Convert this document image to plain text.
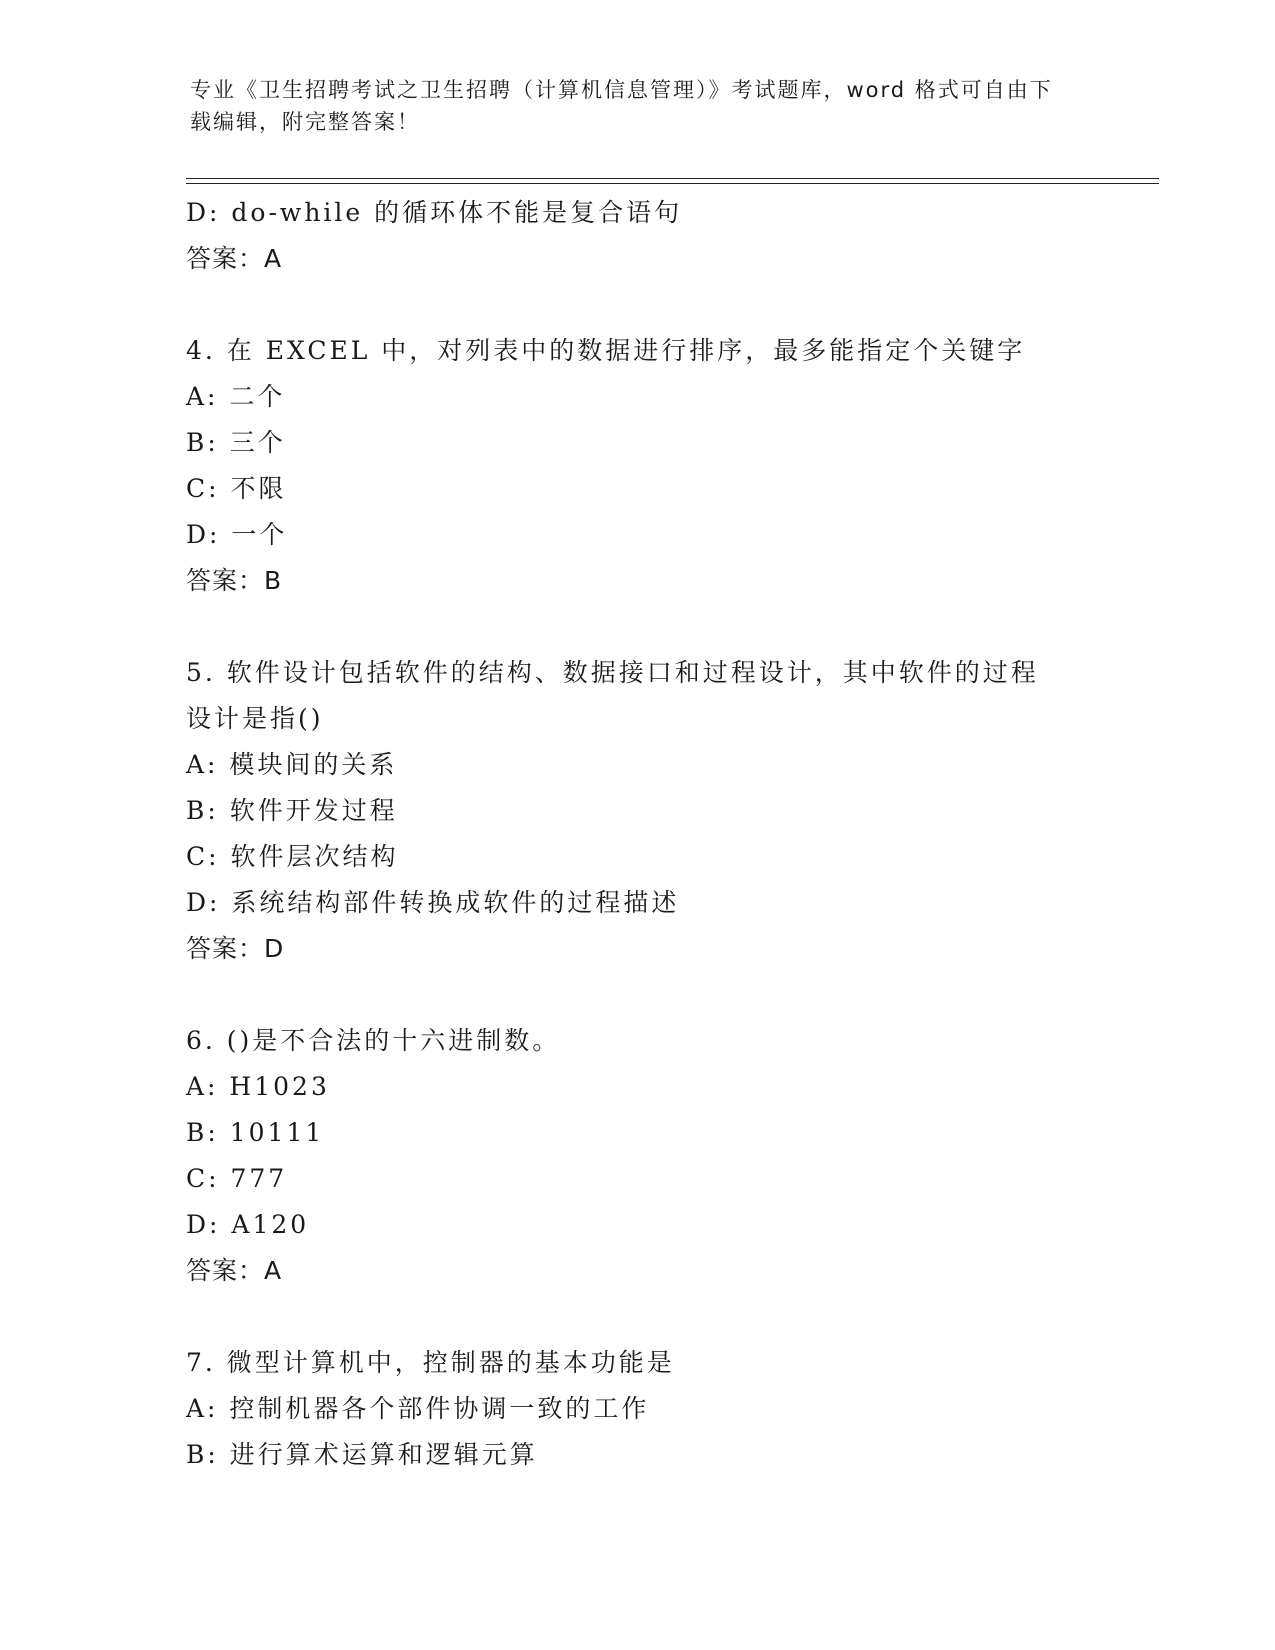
专业《卫生招聘考试之卫生招聘（计算机信息管理）》考试题库，word 格式可自由下载编辑，附完整答案！
D: do-while 的循环体不能是复合语句
答案：A
4. 在 EXCEL 中，对列表中的数据进行排序，最多能指定个关键字
A: 二个
B: 三个
C: 不限
D: 一个
答案：B
5. 软件设计包括软件的结构、数据接口和过程设计，其中软件的过程设计是指()
A: 模块间的关系
B: 软件开发过程
C: 软件层次结构
D: 系统结构部件转换成软件的过程描述
答案：D
6. ()是不合法的十六进制数。
A: H1023
B: 10111
C: 777
D: A120
答案：A
7. 微型计算机中，控制器的基本功能是
A: 控制机器各个部件协调一致的工作
B: 进行算术运算和逻辑元算
